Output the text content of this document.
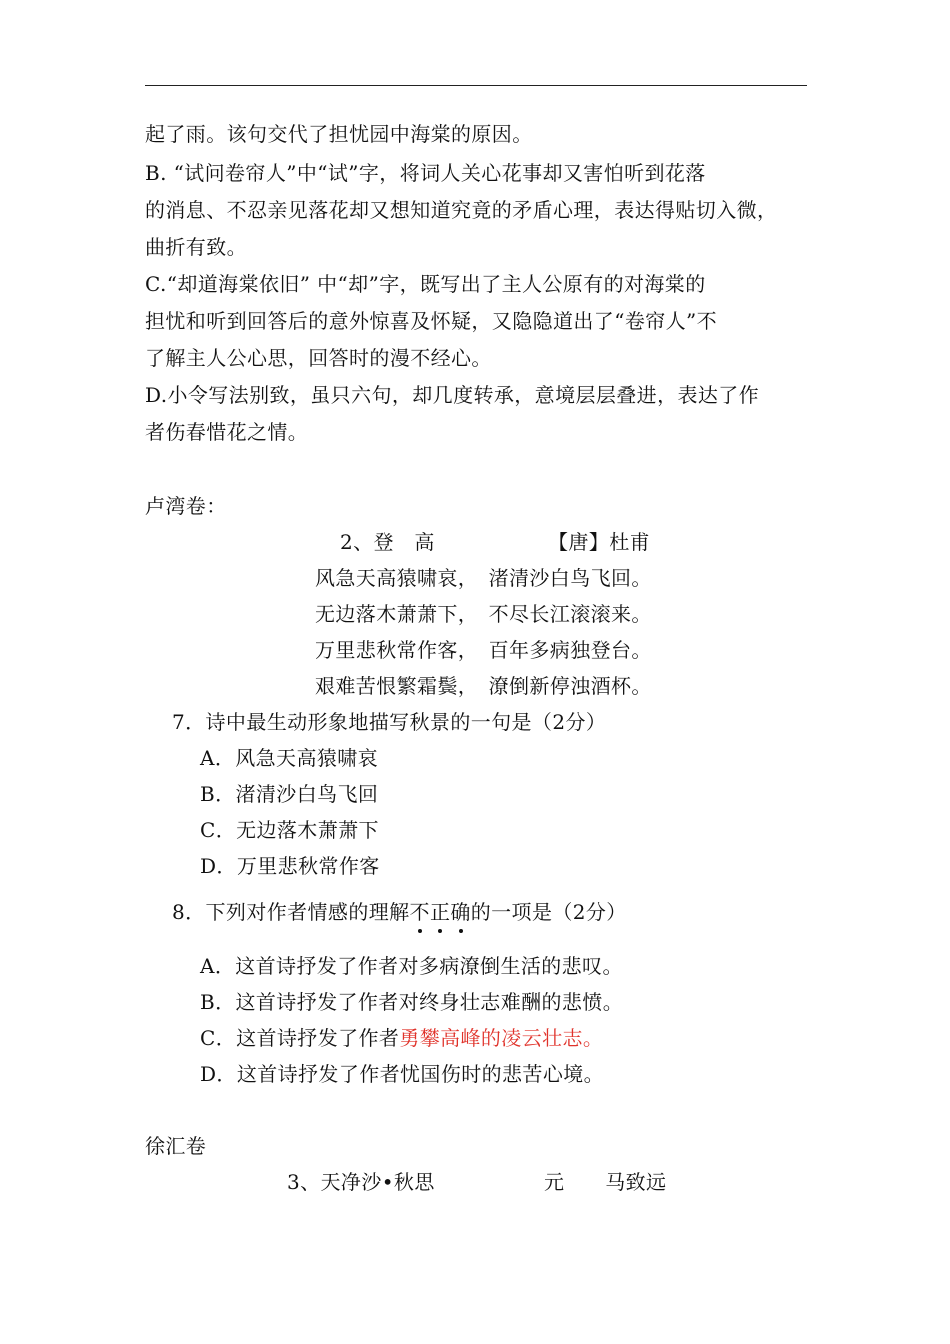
起了雨。该句交代了担忧园中海棠的原因。
B. “试问卷帘人”中“试”字，将词人关心花事却又害怕听到花落
的消息、不忍亲见落花却又想知道究竟的矛盾心理，表达得贴切入微，
曲折有致。
C.“却道海棠依旧” 中“却”字，既写出了主人公原有的对海棠的
担忧和听到回答后的意外惊喜及怀疑，又隐隐道出了“卷帘人”不
了解主人公心思，回答时的漫不经心。
D.小令写法别致，虽只六句，却几度转承，意境层层叠进，表达了作
者伤春惜花之情。
卢湾卷：
2、登　高	【唐】杜甫
风急天高猿啸哀，　渚清沙白鸟飞回。
无边落木萧萧下，　不尽长江滚滚来。
万里悲秋常作客，　百年多病独登台。
艰难苦恨繁霜鬓，　潦倒新停浊酒杯。
7．诗中最生动形象地描写秋景的一句是（2分）
A．风急天高猿啸哀
B．渚清沙白鸟飞回
C．无边落木萧萧下
D．万里悲秋常作客
8．下列对作者情感的理解不
正
确
的一项是（2分）
A．这首诗抒发了作者对多病潦倒生活的悲叹。
B．这首诗抒发了作者对终身壮志难酬的悲愤。
C．这首诗抒发了作者勇攀高峰的凌云壮志。
D．这首诗抒发了作者忧国伤时的悲苦心境。
徐汇卷
3、天净沙•秋思	元　　马致远
